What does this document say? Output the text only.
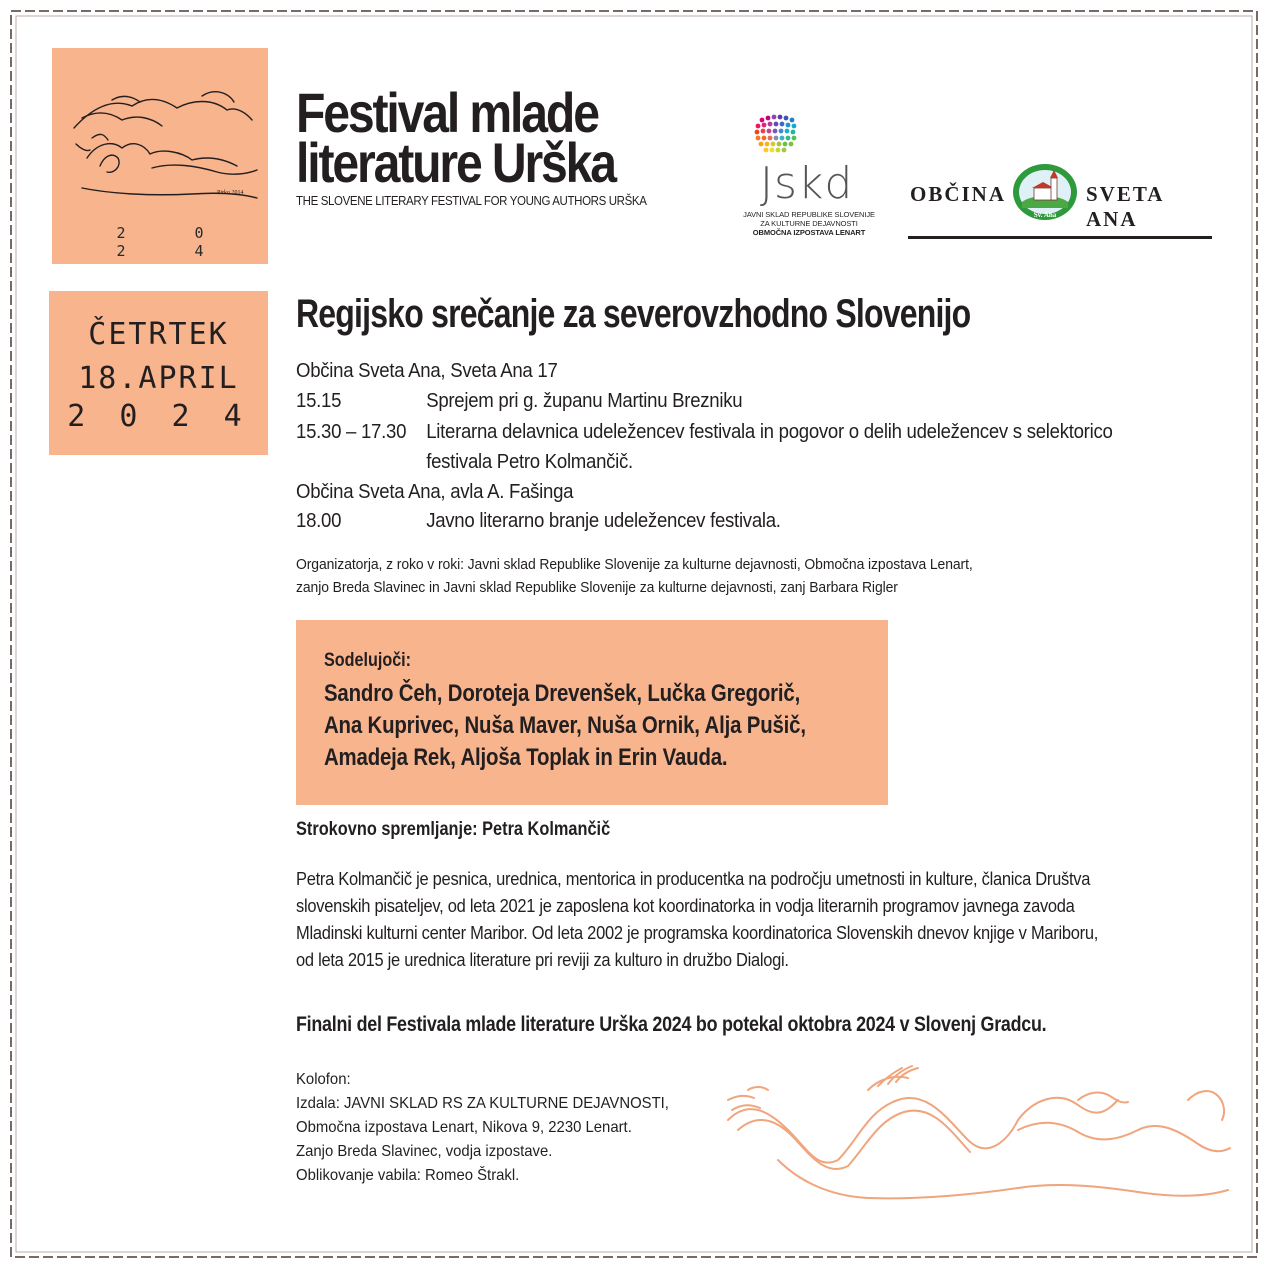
Pirko 2014
2 0 2 4
Festival mlade
literature Urška
THE SLOVENE LITERARY FESTIVAL FOR YOUNG AUTHORS URŠKA	Jskd
JAVNI SKLAD REPUBLIKE SLOVENIJE
ZA KULTURNE DEJAVNOSTI
OBMOČNA IZPOSTAVA LENART
OBČINA
Sv. Ana
SVETA ANA
ČETRTEK
18.APRIL
2 0 2 4
Regijsko srečanje za severovzhodno Slovenijo
Občina Sveta Ana, Sveta Ana 17
15.15	Sprejem pri g. županu Martinu Brezniku
15.30 – 17.30 Literarna delavnica udeležencev festivala in pogovor o delih udeležencev s selektorico
festivala Petro Kolmančič.
Občina Sveta Ana, avla A. Fašinga
18.00	Javno literarno branje udeležencev festivala.
Organizatorja, z roko v roki: Javni sklad Republike Slovenije za kulturne dejavnosti, Območna izpostava Lenart,
zanjo Breda Slavinec in Javni sklad Republike Slovenije za kulturne dejavnosti, zanj Barbara Rigler
Sodelujoči:
Sandro Čeh, Doroteja Drevenšek, Lučka Gregorič,
Ana Kuprivec, Nuša Maver, Nuša Ornik, Alja Pušič,
Amadeja Rek, Aljoša Toplak in Erin Vauda.
Strokovno spremljanje: Petra Kolmančič
Petra Kolmančič je pesnica, urednica, mentorica in producentka na področju umetnosti in kulture, članica Društva
slovenskih pisateljev, od leta 2021 je zaposlena kot koordinatorka in vodja literarnih programov javnega zavoda
Mladinski kulturni center Maribor. Od leta 2002 je programska koordinatorica Slovenskih dnevov knjige v Mariboru,
od leta 2015 je urednica literature pri reviji za kulturo in družbo Dialogi.
Finalni del Festivala mlade literature Urška 2024 bo potekal oktobra 2024 v Slovenj Gradcu.
Kolofon:
Izdala: JAVNI SKLAD RS ZA KULTURNE DEJAVNOSTI,
Območna izpostava Lenart, Nikova 9, 2230 Lenart.
Zanjo Breda Slavinec, vodja izpostave.
Oblikovanje vabila: Romeo Štrakl.
